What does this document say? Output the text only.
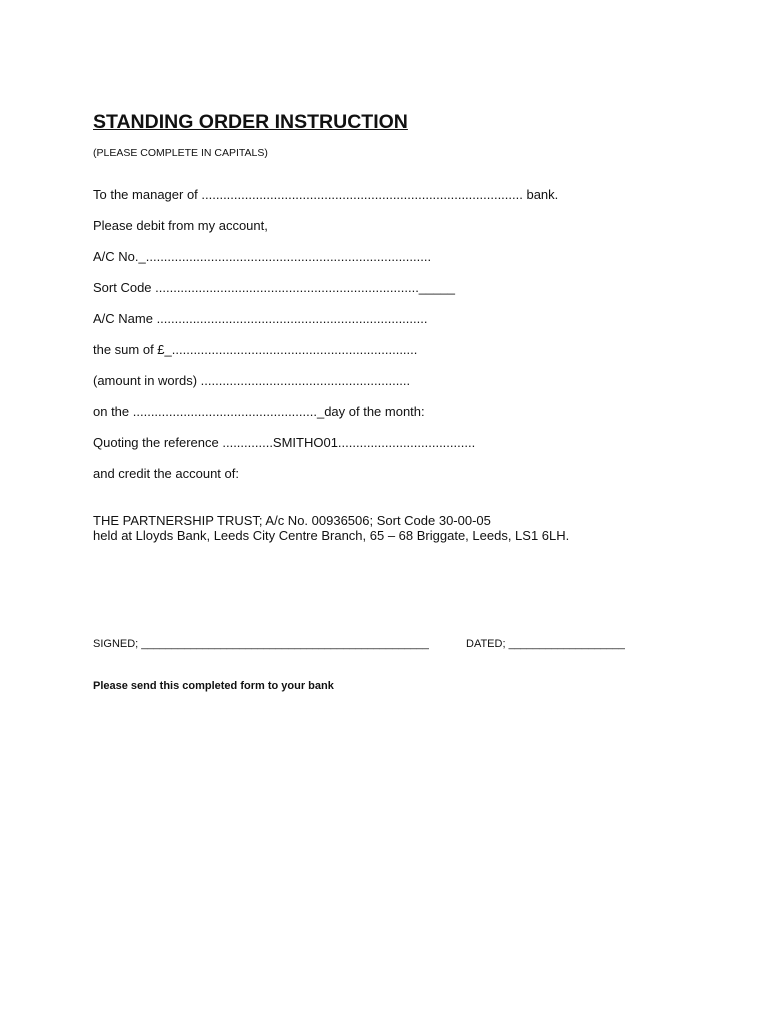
STANDING ORDER INSTRUCTION
(PLEASE COMPLETE IN CAPITALS)
To the manager of ......................................................................................... bank.
Please debit from my account,
A/C No._...............................................................................
Sort Code ........................................................................._____
A/C Name ...........................................................................
the sum of £_....................................................................
(amount in words) ..........................................................
on the ..................................................._day of the month:
Quoting the reference ..............SMITHO01......................................
and credit the account of:
THE PARTNERSHIP TRUST; A/c No. 00936506; Sort Code 30-00-05
held at Lloyds Bank, Leeds City Centre Branch, 65 – 68 Briggate, Leeds, LS1 6LH.
SIGNED; _______________________________________________	DATED; ___________________
Please send this completed form to your bank
